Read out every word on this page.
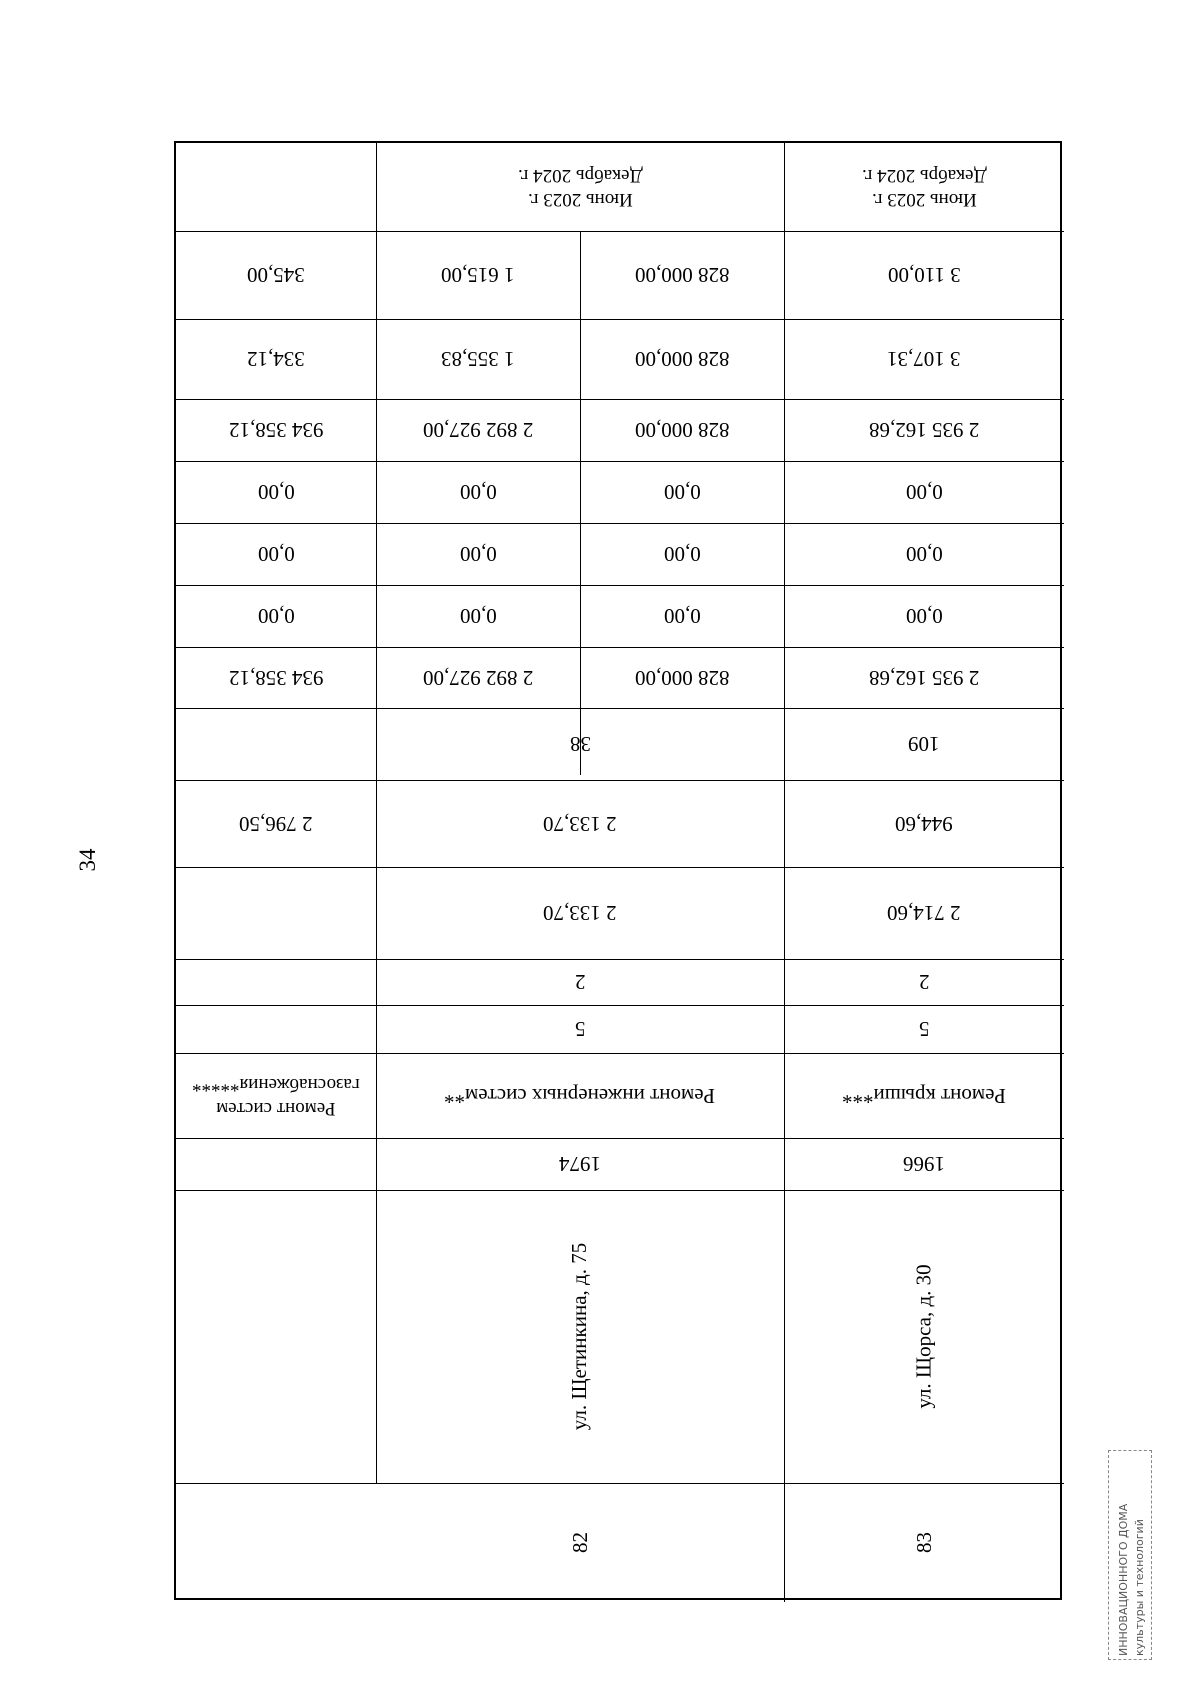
34
Июнь 2023 г.
Декабрь 2024 г.
3 110,00
3 107,31
2 935 162,68
0,00
0,00
0,00
2 935 162,68
109
944,60
2 714,60
2
5
Ремонт крыши***
1966
ул. Щорса, д. 30
83
Июнь 2023 г.
Декабрь 2024 г.
828 000,00
1 615,00
828 000,00
1 355,83
828 000,00
2 892 927,00
0,00
0,00
0,00
0,00
0,00
0,00
828 000,00
2 892 927,00
38
2 133,70
2 133,70
2
5
Ремонт инженерных систем**
1974
ул. Щетинкина, д. 75
82
345,00
334,12
934 358,12
0,00
0,00
0,00
934 358,12
2 796,50
Ремонт систем
газоснабжения*****
ИННОВАЦИОННОГО ДОМА культуры и технологий
